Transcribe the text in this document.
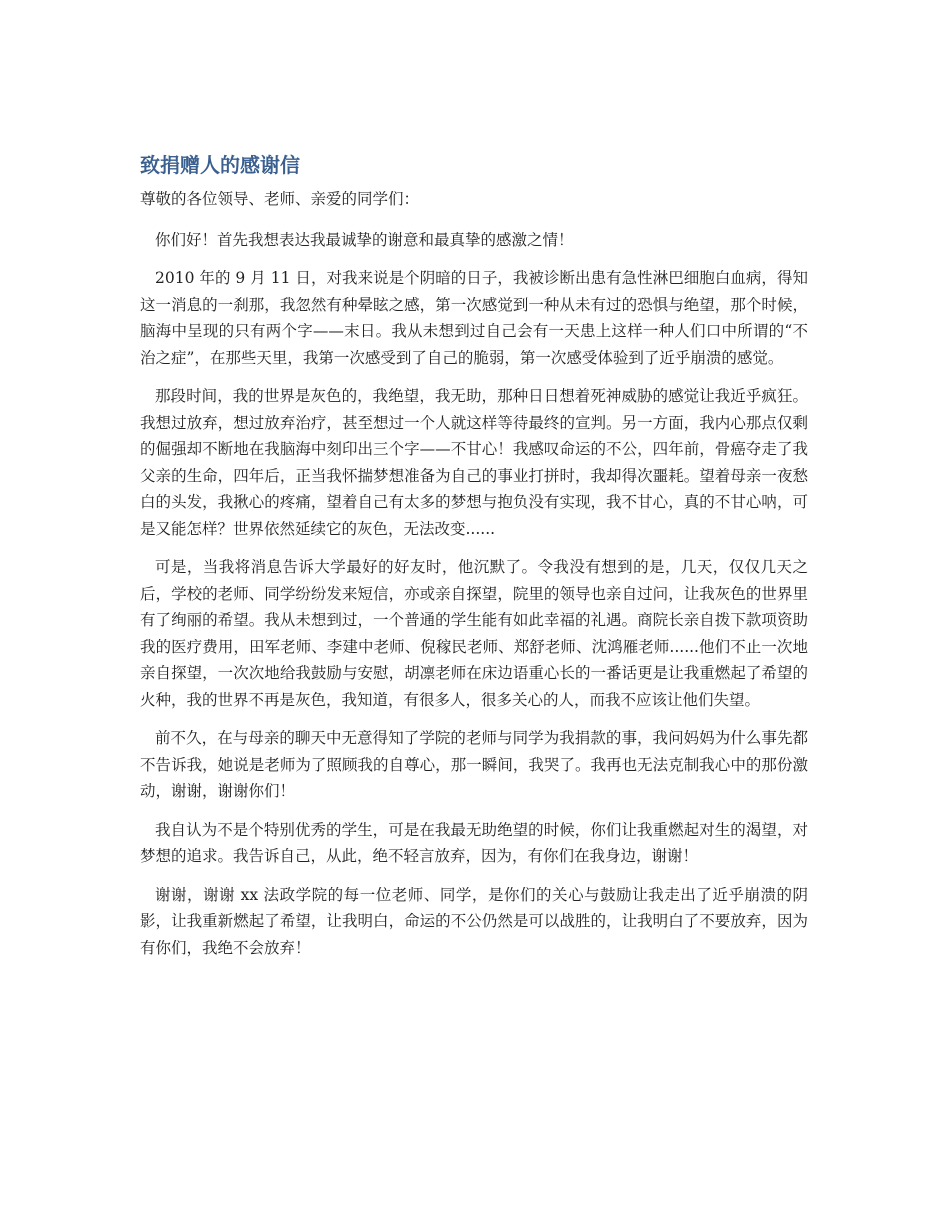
致捐赠人的感谢信

尊敬的各位领导、老师、亲爱的同学们：

你们好！首先我想表达我最诚挚的谢意和最真挚的感激之情！

2010 年的 9 月 11 日，对我来说是个阴暗的日子，我被诊断出患有急性淋巴细胞白血病，得知这一消息的一刹那，我忽然有种晕眩之感，第一次感觉到一种从未有过的恐惧与绝望，那个时候，脑海中呈现的只有两个字——末日。我从未想到过自己会有一天患上这样一种人们口中所谓的“不治之症”，在那些天里，我第一次感受到了自己的脆弱，第一次感受体验到了近乎崩溃的感觉。

那段时间，我的世界是灰色的，我绝望，我无助，那种日日想着死神威胁的感觉让我近乎疯狂。我想过放弃，想过放弃治疗，甚至想过一个人就这样等待最终的宣判。另一方面，我内心那点仅剩的倔强却不断地在我脑海中刻印出三个字——不甘心！我感叹命运的不公，四年前，骨癌夺走了我父亲的生命，四年后，正当我怀揣梦想准备为自己的事业打拼时，我却得次噩耗。望着母亲一夜愁白的头发，我揪心的疼痛，望着自己有太多的梦想与抱负没有实现，我不甘心，真的不甘心呐，可是又能怎样？世界依然延续它的灰色，无法改变......

可是，当我将消息告诉大学最好的好友时，他沉默了。令我没有想到的是，几天，仅仅几天之后，学校的老师、同学纷纷发来短信，亦或亲自探望，院里的领导也亲自过问，让我灰色的世界里有了绚丽的希望。我从未想到过，一个普通的学生能有如此幸福的礼遇。商院长亲自拨下款项资助我的医疗费用，田军老师、李建中老师、倪稼民老师、郑舒老师、沈鸿雁老师......他们不止一次地亲自探望，一次次地给我鼓励与安慰，胡凛老师在床边语重心长的一番话更是让我重燃起了希望的火种，我的世界不再是灰色，我知道，有很多人，很多关心的人，而我不应该让他们失望。

前不久，在与母亲的聊天中无意得知了学院的老师与同学为我捐款的事，我问妈妈为什么事先都不告诉我，她说是老师为了照顾我的自尊心，那一瞬间，我哭了。我再也无法克制我心中的那份激动，谢谢，谢谢你们！

我自认为不是个特别优秀的学生，可是在我最无助绝望的时候，你们让我重燃起对生的渴望，对梦想的追求。我告诉自己，从此，绝不轻言放弃，因为，有你们在我身边，谢谢！

谢谢，谢谢 xx 法政学院的每一位老师、同学，是你们的关心与鼓励让我走出了近乎崩溃的阴影，让我重新燃起了希望，让我明白，命运的不公仍然是可以战胜的，让我明白了不要放弃，因为有你们，我绝不会放弃！
